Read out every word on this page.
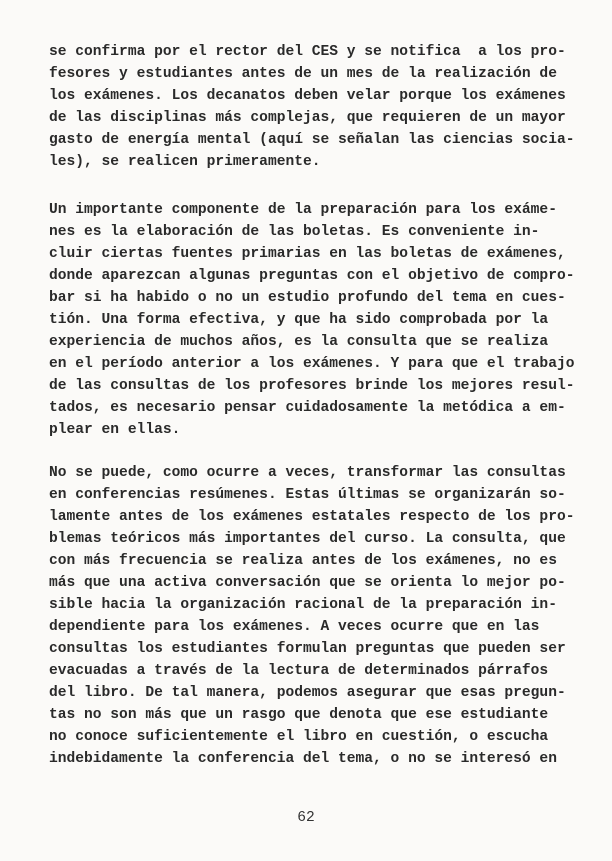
se confirma por el rector del CES y se notifica  a los pro-
fesores y estudiantes antes de un mes de la realización de
los exámenes. Los decanatos deben velar porque los exámenes
de las disciplinas más complejas, que requieren de un mayor
gasto de energía mental (aquí se señalan las ciencias socia-
les), se realicen primeramente.
Un importante componente de la preparación para los exáme-
nes es la elaboración de las boletas. Es conveniente in-
cluir ciertas fuentes primarias en las boletas de exámenes,
donde aparezcan algunas preguntas con el objetivo de compro-
bar si ha habido o no un estudio profundo del tema en cues-
tión. Una forma efectiva, y que ha sido comprobada por la
experiencia de muchos años, es la consulta que se realiza
en el período anterior a los exámenes. Y para que el trabajo
de las consultas de los profesores brinde los mejores resul-
tados, es necesario pensar cuidadosamente la metódica a em-
plear en ellas.
No se puede, como ocurre a veces, transformar las consultas
en conferencias resúmenes. Estas últimas se organizarán so-
lamente antes de los exámenes estatales respecto de los pro-
blemas teóricos más importantes del curso. La consulta, que
con más frecuencia se realiza antes de los exámenes, no es
más que una activa conversación que se orienta lo mejor po-
sible hacia la organización racional de la preparación in-
dependiente para los exámenes. A veces ocurre que en las
consultas los estudiantes formulan preguntas que pueden ser
evacuadas a través de la lectura de determinados párrafos
del libro. De tal manera, podemos asegurar que esas pregun-
tas no son más que un rasgo que denota que ese estudiante
no conoce suficientemente el libro en cuestión, o escucha
indebidamente la conferencia del tema, o no se interesó en
62
